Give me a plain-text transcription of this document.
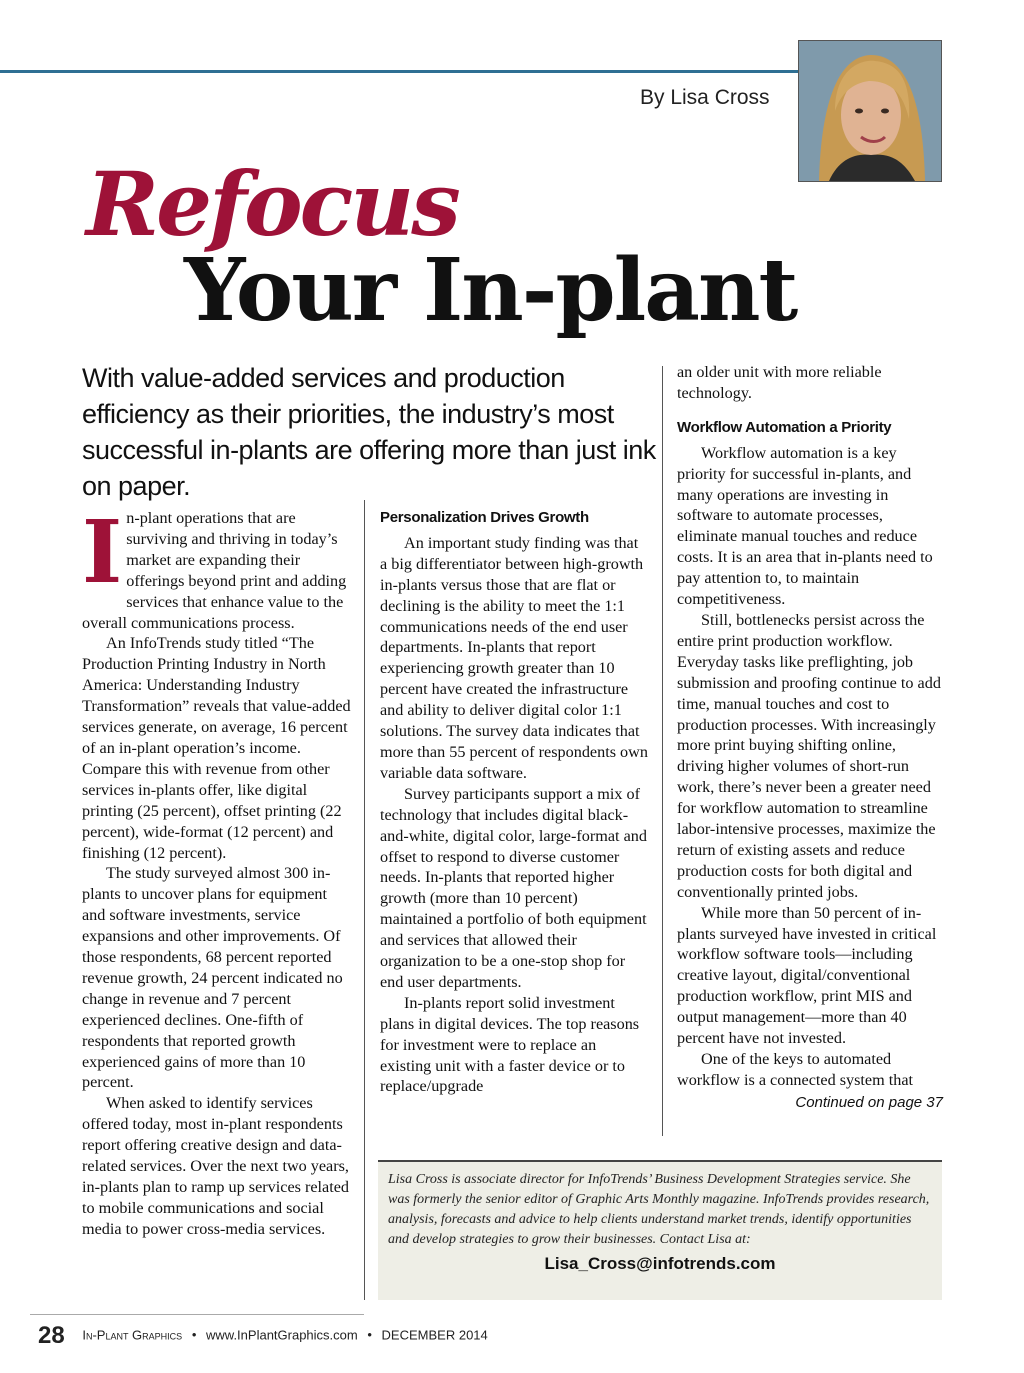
By Lisa Cross
Refocus
Your In-plant
With value-added services and production efficiency as their priorities, the industry’s most successful in-plants are offering more than just ink on paper.
I n-plant operations that are surviving and thriving in today’s market are expanding their offerings beyond print and adding services that enhance value to the overall communications process.

An InfoTrends study titled “The Production Printing Industry in North America: Understanding Industry Transformation” reveals that value-added services generate, on average, 16 percent of an in-plant operation’s income. Compare this with revenue from other services in-plants offer, like digital printing (25 percent), offset printing (22 percent), wide-format (12 percent) and finishing (12 percent).

The study surveyed almost 300 in-plants to uncover plans for equipment and software investments, service expansions and other improvements. Of those respondents, 68 percent reported revenue growth, 24 percent indicated no change in revenue and 7 percent experienced declines. One-fifth of respondents that reported growth experienced gains of more than 10 percent.

When asked to identify services offered today, most in-plant respondents report offering creative design and data-related services. Over the next two years, in-plants plan to ramp up services related to mobile communications and social media to power cross-media services.

Personalization Drives Growth

An important study finding was that a big differentiator between high-growth in-plants versus those that are flat or declining is the ability to meet the 1:1 communications needs of the end user departments. In-plants that report experiencing growth greater than 10 percent have created the infrastructure and ability to deliver digital color 1:1 solutions. The survey data indicates that more than 55 percent of respondents own variable data software.

Survey participants support a mix of technology that includes digital black-and-white, digital color, large-format and offset to respond to diverse customer needs. In-plants that reported higher growth (more than 10 percent) maintained a portfolio of both equipment and services that allowed their organization to be a one-stop shop for end user departments.

In-plants report solid investment plans in digital devices. The top reasons for investment were to replace an existing unit with a faster device or to replace/upgrade

an older unit with more reliable technology.

Workflow Automation a Priority

Workflow automation is a key priority for successful in-plants, and many operations are investing in software to automate processes, eliminate manual touches and reduce costs. It is an area that in-plants need to pay attention to, to maintain competitiveness.

Still, bottlenecks persist across the entire print production workflow. Everyday tasks like preflighting, job submission and proofing continue to add time, manual touches and cost to production processes. With increasingly more print buying shifting online, driving higher volumes of short-run work, there’s never been a greater need for workflow automation to streamline labor-intensive processes, maximize the return of existing assets and reduce production costs for both digital and conventionally printed jobs.

While more than 50 percent of in-plants surveyed have invested in critical workflow software tools—including creative layout, digital/conventional production workflow, print MIS and output management—more than 40 percent have not invested.

One of the keys to automated workflow is a connected system that

Continued on page 37
Lisa Cross is associate director for InfoTrends’ Business Development Strategies service. She was formerly the senior editor of Graphic Arts Monthly magazine. InfoTrends provides research, analysis, forecasts and advice to help clients understand market trends, identify opportunities and develop strategies to grow their businesses. Contact Lisa at:
Lisa_Cross@infotrends.com
28 In-Plant Graphics • www.InPlantGraphics.com • DECEMBER 2014
